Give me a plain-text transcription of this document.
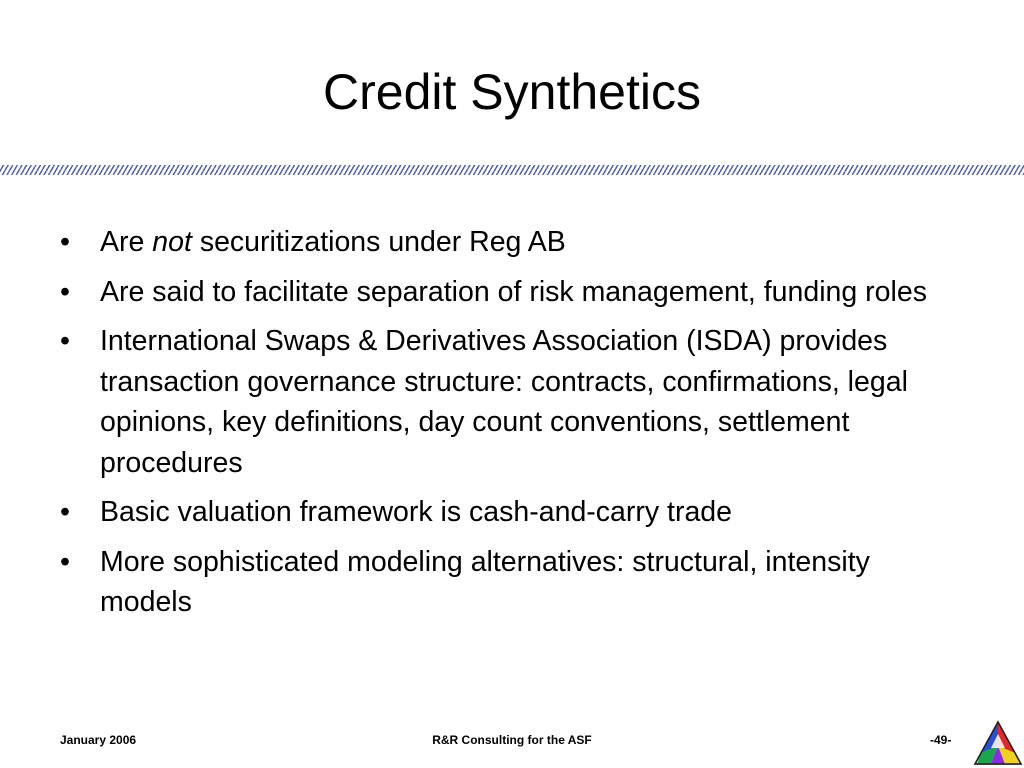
Credit Synthetics
• Are not securitizations under Reg AB
• Are said to facilitate separation of risk management, funding roles
• International Swaps & Derivatives Association (ISDA) provides transaction governance structure: contracts, confirmations, legal opinions, key definitions, day count conventions, settlement procedures
• Basic valuation framework is cash-and-carry trade
• More sophisticated modeling alternatives: structural, intensity models
January 2006	R&R Consulting for the ASF	-49-
